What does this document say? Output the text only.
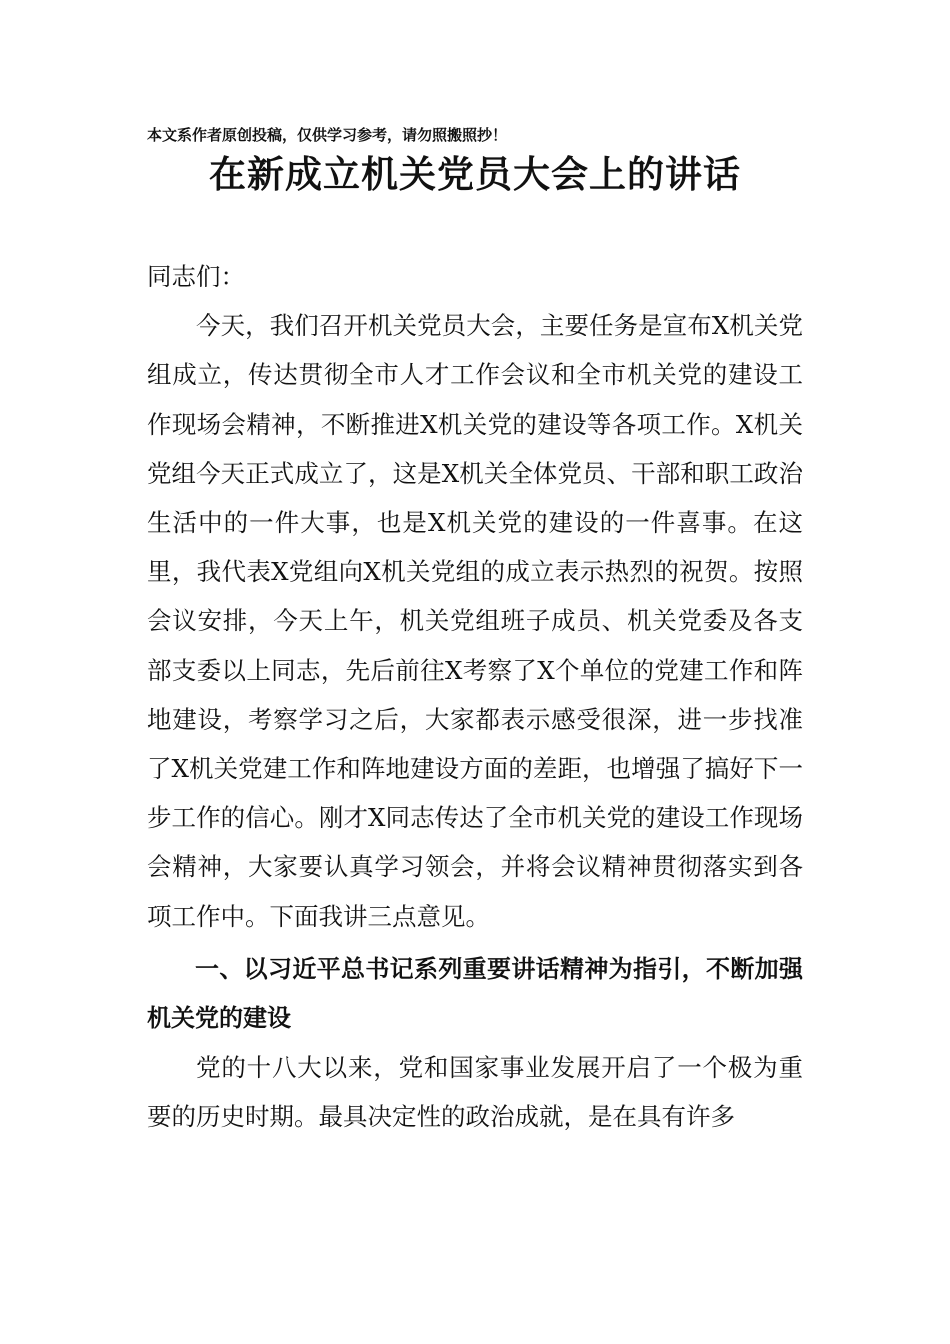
本文系作者原创投稿，仅供学习参考，请勿照搬照抄！
在新成立机关党员大会上的讲话

同志们：

今天，我们召开机关党员大会，主要任务是宣布X机关党组成立，传达贯彻全市人才工作会议和全市机关党的建设工作现场会精神，不断推进X机关党的建设等各项工作。X机关党组今天正式成立了，这是X机关全体党员、干部和职工政治生活中的一件大事，也是X机关党的建设的一件喜事。在这里，我代表X党组向X机关党组的成立表示热烈的祝贺。按照会议安排，今天上午，机关党组班子成员、机关党委及各支部支委以上同志，先后前往X考察了X个单位的党建工作和阵地建设，考察学习之后，大家都表示感受很深，进一步找准了X机关党建工作和阵地建设方面的差距，也增强了搞好下一步工作的信心。刚才X同志传达了全市机关党的建设工作现场会精神，大家要认真学习领会，并将会议精神贯彻落实到各项工作中。下面我讲三点意见。

一、以习近平总书记系列重要讲话精神为指引，不断加强机关党的建设

党的十八大以来，党和国家事业发展开启了一个极为重要的历史时期。最具决定性的政治成就，是在具有许多
